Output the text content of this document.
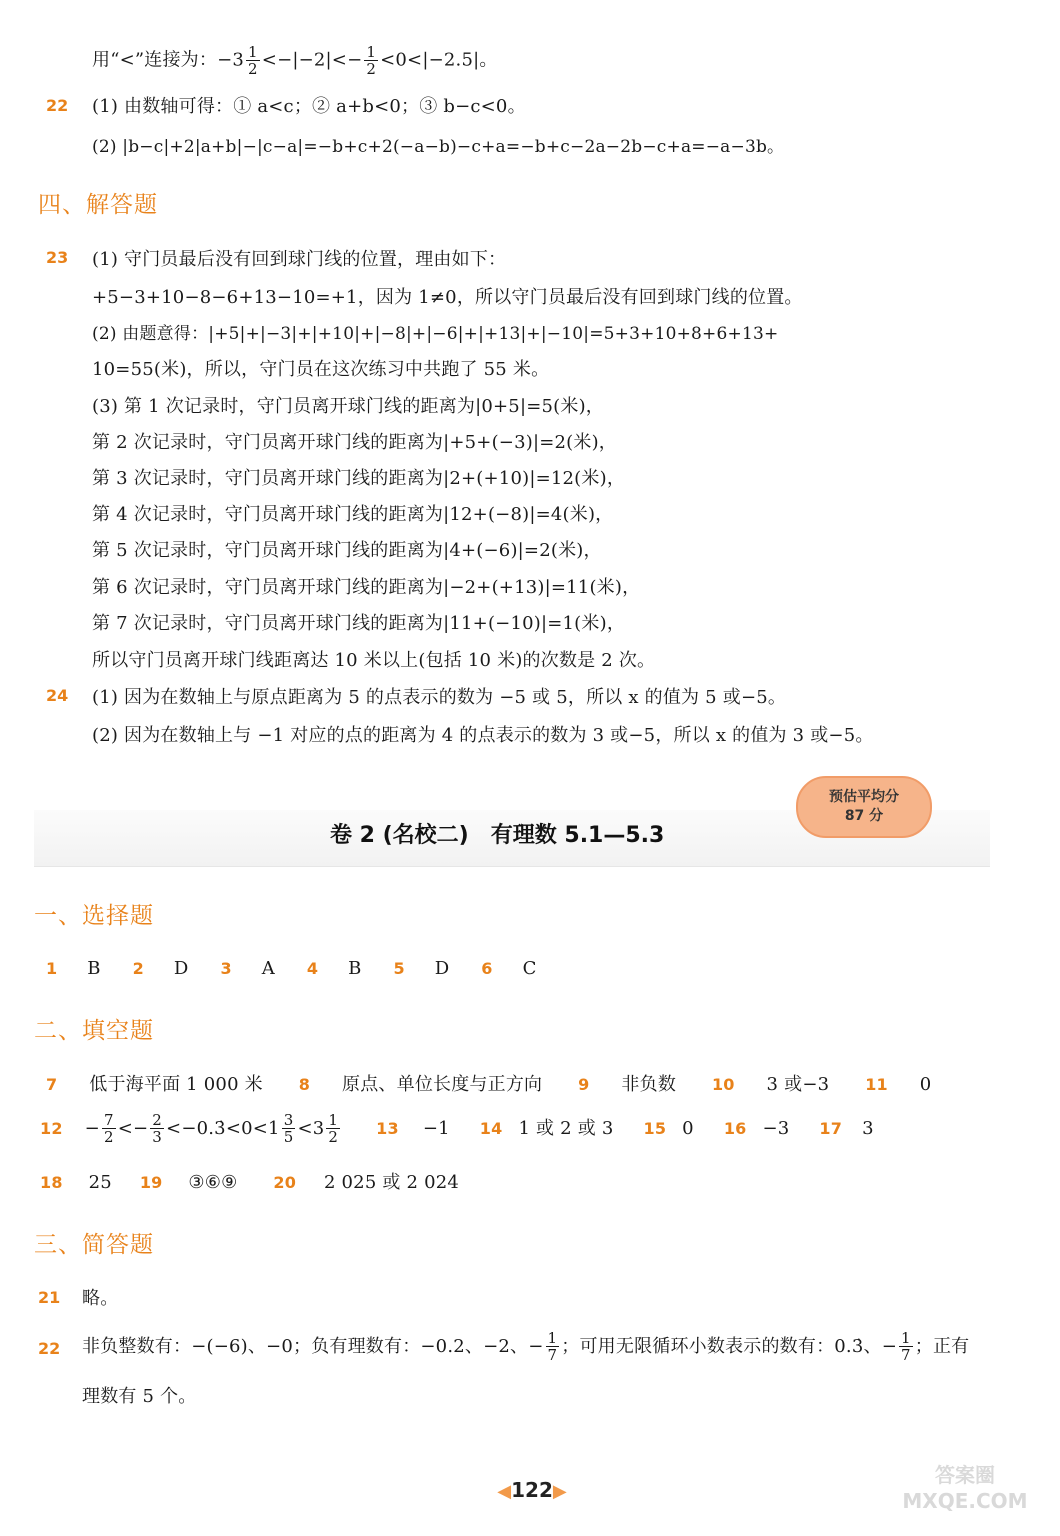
用“<”连接为：$-3 \frac{1}{2} <-|-2|<- \frac{1}{2} <0<|-2.5|$。
22 (1) 由数轴可得：① a<c；② a+b<0；③ b−c<0。
(2) |b−c|+2|a+b|−|c−a|=−b+c+2(−a−b)−c+a=−b+c−2a−2b−c+a=−a−3b。
四、解答题
23 (1) 守门员最后没有回到球门线的位置，理由如下：
+5−3+10−8−6+13−10=+1，因为 1≠0，所以守门员最后没有回到球门线的位置。
(2) 由题意得：|+5|+|−3|+|+10|+|−8|+|−6|+|+13|+|−10|=5+3+10+8+6+13+
10=55(米)，所以，守门员在这次练习中共跑了 55 米。
(3) 第 1 次记录时，守门员离开球门线的距离为|0+5|=5(米)，
第 2 次记录时，守门员离开球门线的距离为|+5+(−3)|=2(米)，
第 3 次记录时，守门员离开球门线的距离为|2+(+10)|=12(米)，
第 4 次记录时，守门员离开球门线的距离为|12+(−8)|=4(米)，
第 5 次记录时，守门员离开球门线的距离为|4+(−6)|=2(米)，
第 6 次记录时，守门员离开球门线的距离为|−2+(+13)|=11(米)，
第 7 次记录时，守门员离开球门线的距离为|11+(−10)|=1(米)，
所以守门员离开球门线距离达 10 米以上(包括 10 米)的次数是 2 次。
24 (1) 因为在数轴上与原点距离为 5 的点表示的数为 −5 或 5，所以 x 的值为 5 或−5。
(2) 因为在数轴上与 −1 对应的点的距离为 4 的点表示的数为 3 或−5，所以 x 的值为 3 或−5。
卷 2 (名校二)　有理数 5.1—5.3
预估平均分
87 分
一、选择题
1 B 2 D 3 A 4 B 5 D 6 C
二、填空题
7 低于海平面 1 000 米 8 原点、单位长度与正方向 9 非负数 10 3 或−3 11 0
$12 - \frac{7}{2} <- \frac{2}{3}$ <−0.3̇<0<1 $\frac{3}{5} <3 \frac{1}{2} 13 -1$ 14 1 或 2 或 3 15 0 16 −3 17 3
18 25 19 ③⑥⑨ 20 2 025 或 2 024
三、简答题
21 略。
22 非负整数有：−(−6)、−0；负有理数有：−0.2、−2、− $\frac{1}{7}$ ；可用无限循环小数表示的数有：0.3̇、− $\frac{1}{7}$ ；正有
理数有 5 个。
◀122▶
答案圈 MXQE.COM
